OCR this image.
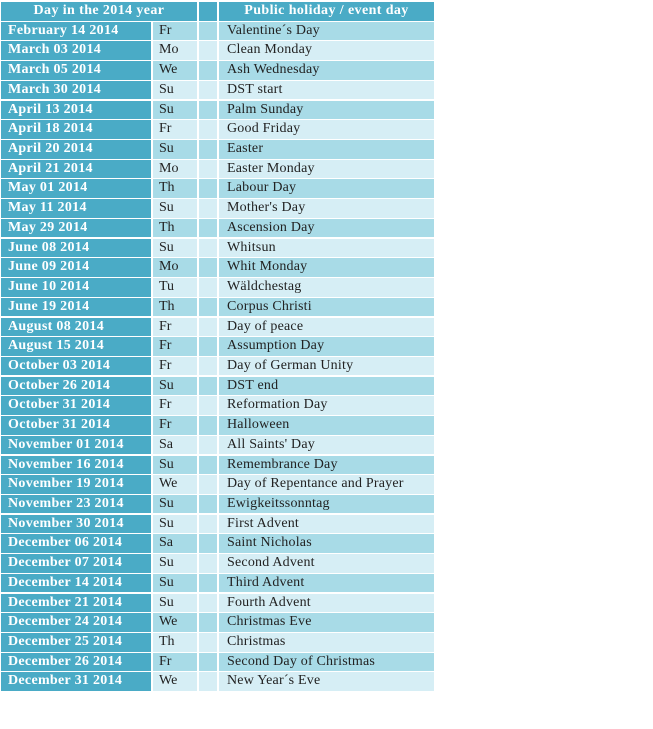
Day in the 2014 year	Public holiday / event day
February 14 2014	Fr	Valentine´s Day
March 03 2014	Mo	Clean Monday
March 05 2014	We	Ash Wednesday
March 30 2014	Su	DST start
April 13 2014	Su	Palm Sunday
April 18 2014	Fr	Good Friday
April 20 2014	Su	Easter
April 21 2014	Mo	Easter Monday
May 01 2014	Th	Labour Day
May 11 2014	Su	Mother's Day
May 29 2014	Th	Ascension Day
June 08 2014	Su	Whitsun
June 09 2014	Mo	Whit Monday
June 10 2014	Tu	Wäldchestag
June 19 2014	Th	Corpus Christi
August 08 2014	Fr	Day of peace
August 15 2014	Fr	Assumption Day
October 03 2014	Fr	Day of German Unity
October 26 2014	Su	DST end
October 31 2014	Fr	Reformation Day
October 31 2014	Fr	Halloween
November 01 2014	Sa	All Saints' Day
November 16 2014	Su	Remembrance Day
November 19 2014	We	Day of Repentance and Prayer
November 23 2014	Su	Ewigkeitssonntag
November 30 2014	Su	First Advent
December 06 2014	Sa	Saint Nicholas
December 07 2014	Su	Second Advent
December 14 2014	Su	Third Advent
December 21 2014	Su	Fourth Advent
December 24 2014	We	Christmas Eve
December 25 2014	Th	Christmas
December 26 2014	Fr	Second Day of Christmas
December 31 2014	We	New Year´s Eve
